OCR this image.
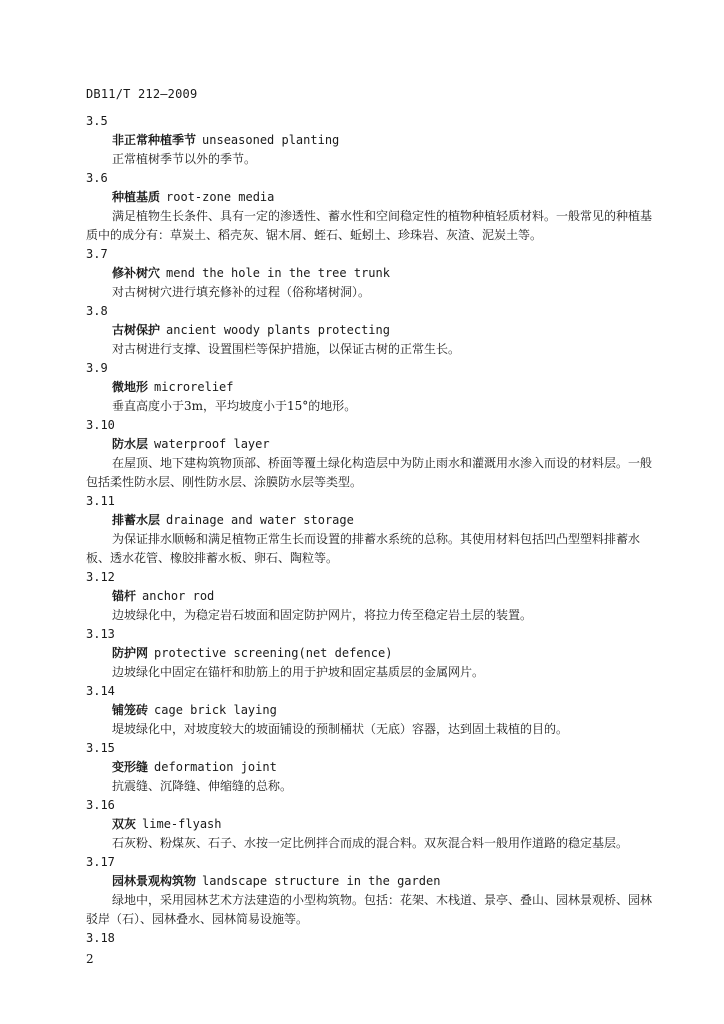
DB11/T 212—2009
3.5
非正常种植季节 unseasoned planting
正常植树季节以外的季节。
3.6
种植基质 root-zone media
满足植物生长条件、具有一定的渗透性、蓄水性和空间稳定性的植物种植轻质材料。一般常见的种植基质中的成分有：草炭土、稻壳灰、锯木屑、蛭石、蚯蚓土、珍珠岩、灰渣、泥炭土等。
3.7
修补树穴 mend the hole in the tree trunk
对古树树穴进行填充修补的过程（俗称堵树洞）。
3.8
古树保护 ancient woody plants protecting
对古树进行支撑、设置围栏等保护措施，以保证古树的正常生长。
3.9
微地形 microrelief
垂直高度小于3m，平均坡度小于15°的地形。
3.10
防水层 waterproof layer
在屋顶、地下建构筑物顶部、桥面等覆土绿化构造层中为防止雨水和灌溉用水渗入而设的材料层。一般包括柔性防水层、刚性防水层、涂膜防水层等类型。
3.11
排蓄水层 drainage and water storage
为保证排水顺畅和满足植物正常生长而设置的排蓄水系统的总称。其使用材料包括凹凸型塑料排蓄水板、透水花管、橡胶排蓄水板、卵石、陶粒等。
3.12
锚杆 anchor rod
边坡绿化中，为稳定岩石坡面和固定防护网片，将拉力传至稳定岩土层的装置。
3.13
防护网 protective screening(net defence)
边坡绿化中固定在锚杆和肋筋上的用于护坡和固定基质层的金属网片。
3.14
铺笼砖 cage brick laying
堤坡绿化中，对坡度较大的坡面铺设的预制桶状（无底）容器，达到固土栽植的目的。
3.15
变形缝 deformation joint
抗震缝、沉降缝、伸缩缝的总称。
3.16
双灰 lime-flyash
石灰粉、粉煤灰、石子、水按一定比例拌合而成的混合料。双灰混合料一般用作道路的稳定基层。
3.17
园林景观构筑物 landscape structure in the garden
绿地中，采用园林艺术方法建造的小型构筑物。包括：花架、木栈道、景亭、叠山、园林景观桥、园林驳岸（石）、园林叠水、园林简易设施等。
3.18
2
